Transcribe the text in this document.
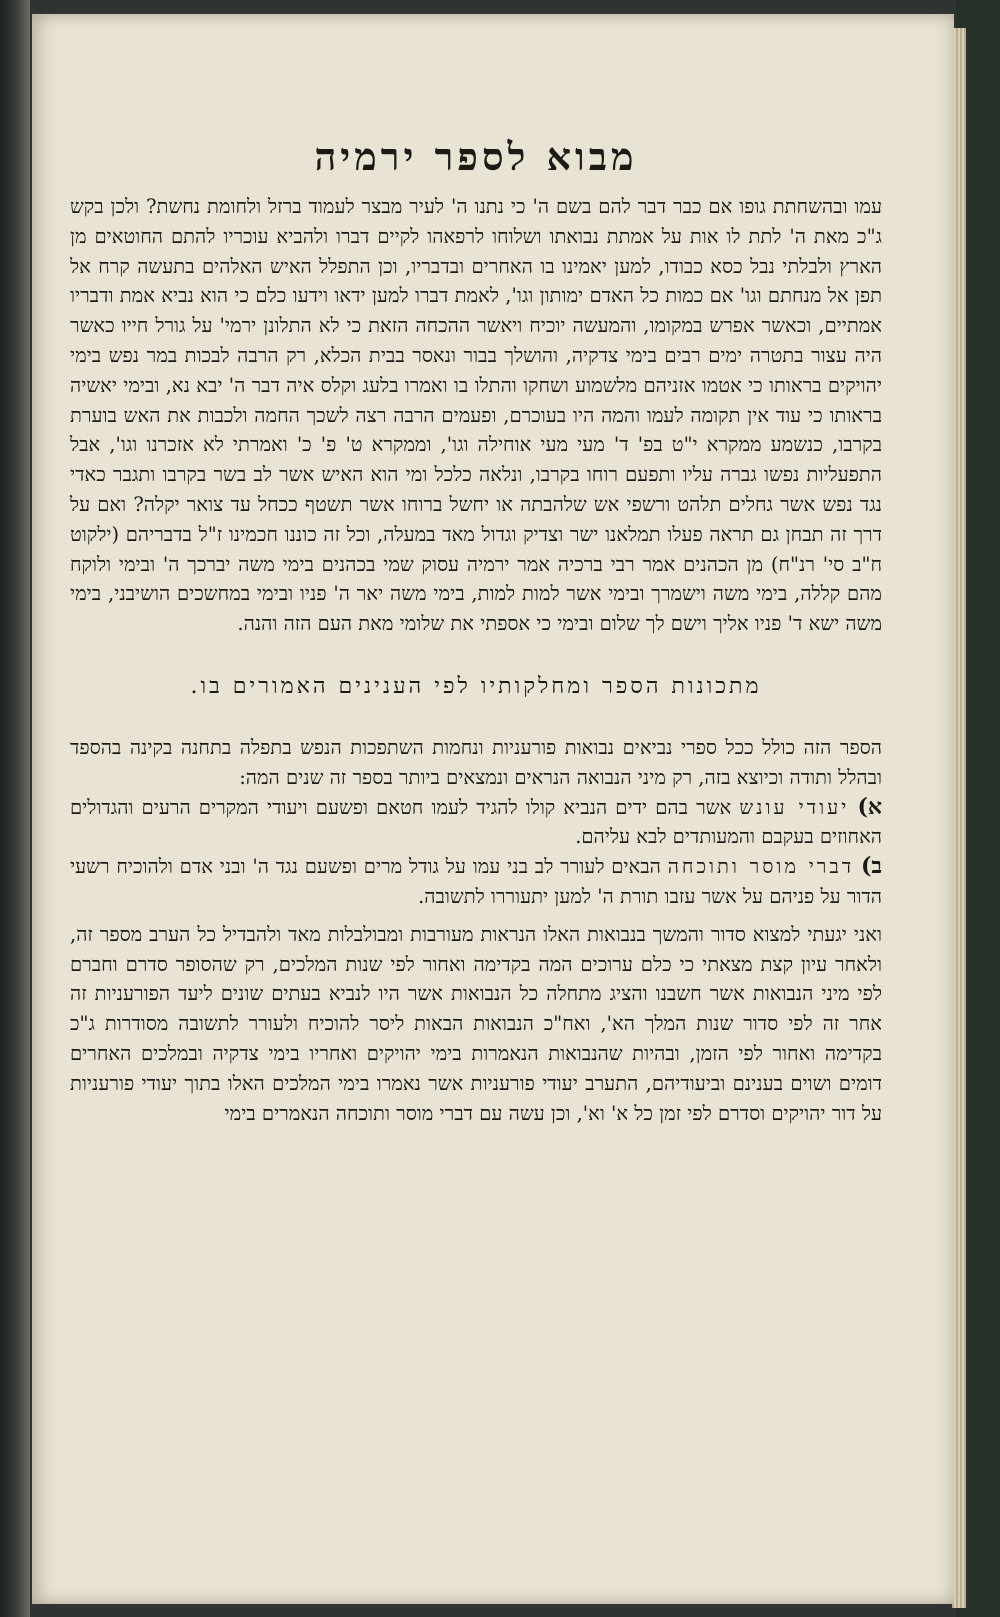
מבוא לספר ירמיה

עמו ובהשחתת גופו אם כבר דבר להם בשם ה' כי נתנו ה' לעיר מבצר לעמוד ברזל ולחומת נחשת? ולכן בקש ג"כ מאת ה' לתת לו אות על אמתת נבואתו ושלוחו לרפאהו לקיים דברו ולהביא עוכריו להתם החוטאים מן הארץ ולבלתי נבל כסא כבודו, למען יאמינו בו האחרים ובדבריו, וכן התפלל האיש האלהים בתעשה קרח אל תפן אל מנחתם וגו' אם כמות כל האדם ימותון וגו', לאמת דברו למען ידאו וידעו כלם כי הוא נביא אמת ודבריו אמתיים, וכאשר אפרש במקומו, והמעשה יוכיח ויאשר ההכחה הזאת כי לא התלונן ירמי' על גורל חייו כאשר היה עצור בתטרה ימים רבים בימי צדקיה, והושלך בבור ונאסר בבית הכלא, רק הרבה לבכות במר נפש בימי יהויקים בראותו כי אטמו אזניהם מלשמוע ושחקו והתלו בו ואמרו בלעג וקלס איה דבר ה' יבא נא, ובימי יאשיה בראותו כי עוד אין תקומה לעמו והמה היו בעוכרם, ופעמים הרבה רצה לשכך החמה ולכבות את האש בוערת בקרבו, כנשמע ממקרא י"ט בפ' ד' מעי מעי אוחילה וגו', וממקרא ט' פ' כ' ואמרתי לא אזכרנו וגו', אבל התפעליות נפשו גברה עליו ותפעם רוחו בקרבו, ונלאה כלכל ומי הוא האיש אשר לב בשר בקרבו ותגבר כאדי נגד נפש אשר גחלים תלהט ורשפי אש שלהבתה או יחשל ברוחו אשר תשטף ככחל עד צואר יקלה? ואם על דרך זה תבחן גם תראה פעלו תמלאנו ישר וצדיק וגדול מאד במעלה, וכל זה כוננו חכמינו ז"ל בדבריהם (ילקוט ח"ב סי' רנ"ח) מן הכהנים אמר רבי ברכיה אמר ירמיה עסוק שמי בכהנים בימי משה יברכך ה' ובימי ולוקח מהם קללה, בימי משה וישמרך ובימי אשר למות למות, בימי משה יאר ה' פניו ובימי במחשכים הושיבני, בימי משה ישא ד' פניו אליך וישם לך שלום ובימי כי אספתי את שלומי מאת העם הזה והנה.

מתכונות הספר ומחלקותיו לפי הענינים האמורים בו.

הספר הזה כולל ככל ספרי נביאים נבואות פורעניות ונחמות השתפכות הנפש בתפלה בתחנה בקינה בהספד ובהלל ותודה וכיוצא בזה, רק מיני הנבואה הנראים ונמצאים ביותר בספר זה שנים המה:

א) יעודי עונש אשר בהם ידים הנביא קולו להגיד לעמו חטאם ופשעם ויעודי המקרים הרעים והגדולים האחוזים בעקבם והמעותדים לבא עליהם.

ב) דברי מוסר ותוכחה הבאים לעורר לב בני עמו על גודל מרים ופשעם נגד ה' ובני אדם ולהוכיח רשעי הדור על פניהם על אשר עזבו תורת ה' למען יתעוררו לתשובה.

ואני יגעתי למצוא סדור והמשך בנבואות האלו הנראות מעורבות ומבולבלות מאד ולהבדיל כל הערב מספר זה, ולאחר עיון קצת מצאתי כי כלם ערוכים המה בקדימה ואחור לפי שנות המלכים, רק שהסופר סדרם וחברם לפי מיני הנבואות אשר חשבנו והציג מתחלה כל הנבואות אשר היו לנביא בעתים שונים ליעד הפורעניות זה אחר זה לפי סדור שנות המלך הא', ואח"כ הנבואות הבאות ליסר להוכיח ולעורר לתשובה מסודרות ג"כ בקדימה ואחור לפי הזמן, ובהיות שהנבואות הנאמרות בימי יהויקים ואחריו בימי צדקיה ובמלכים האחרים דומים ושוים בענינם וביעודיהם, התערב יעודי פורעניות אשר נאמרו בימי המלכים האלו בתוך יעודי פורעניות על דור יהויקים וסדרם לפי זמן כל א' וא', וכן עשה עם דברי מוסר ותוכחה הנאמרים בימי
